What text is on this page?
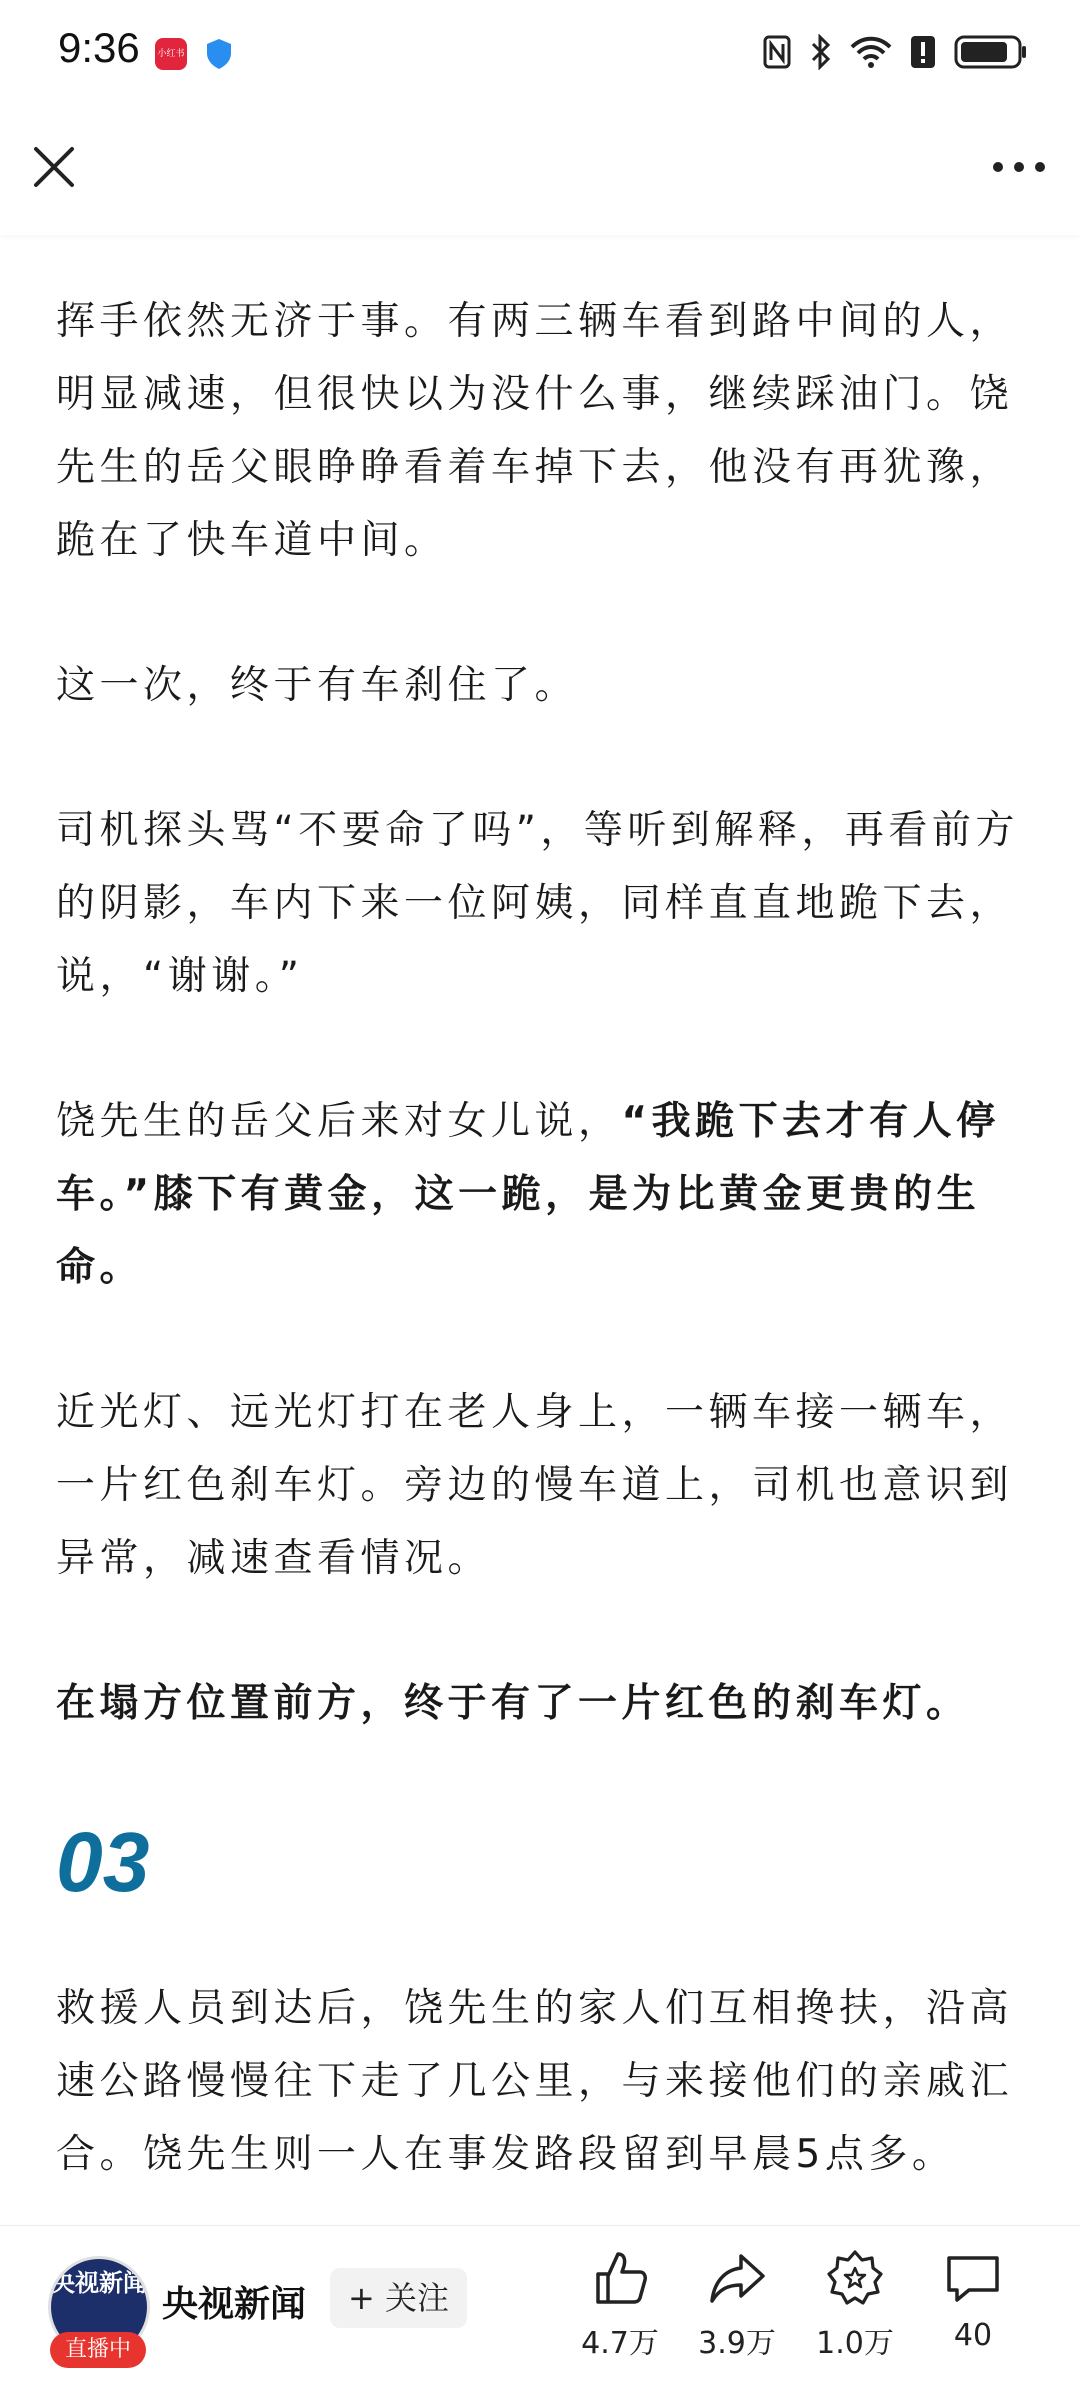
9:36 小红书

挥手依然无济于事。有两三辆车看到路中间的人，明显减速，但很快以为没什么事，继续踩油门。饶先生的岳父眼睁睁看着车掉下去，他没有再犹豫，跪在了快车道中间。

这一次，终于有车刹住了。

司机探头骂“不要命了吗”，等听到解释，再看前方的阴影，车内下来一位阿姨，同样直直地跪下去，说，“谢谢。”

饶先生的岳父后来对女儿说，“我跪下去才有人停车。”膝下有黄金，这一跪，是为比黄金更贵的生命。

近光灯、远光灯打在老人身上，一辆车接一辆车，一片红色刹车灯。旁边的慢车道上，司机也意识到异常，减速查看情况。

在塌方位置前方，终于有了一片红色的刹车灯。

03

救援人员到达后，饶先生的家人们互相搀扶，沿高速公路慢慢往下走了几公里，与来接他们的亲戚汇合。饶先生则一人在事发路段留到早晨5点多。

央视新闻
直播中
央视新闻	+ 关注
4.7万	3.9万	1.0万	40
